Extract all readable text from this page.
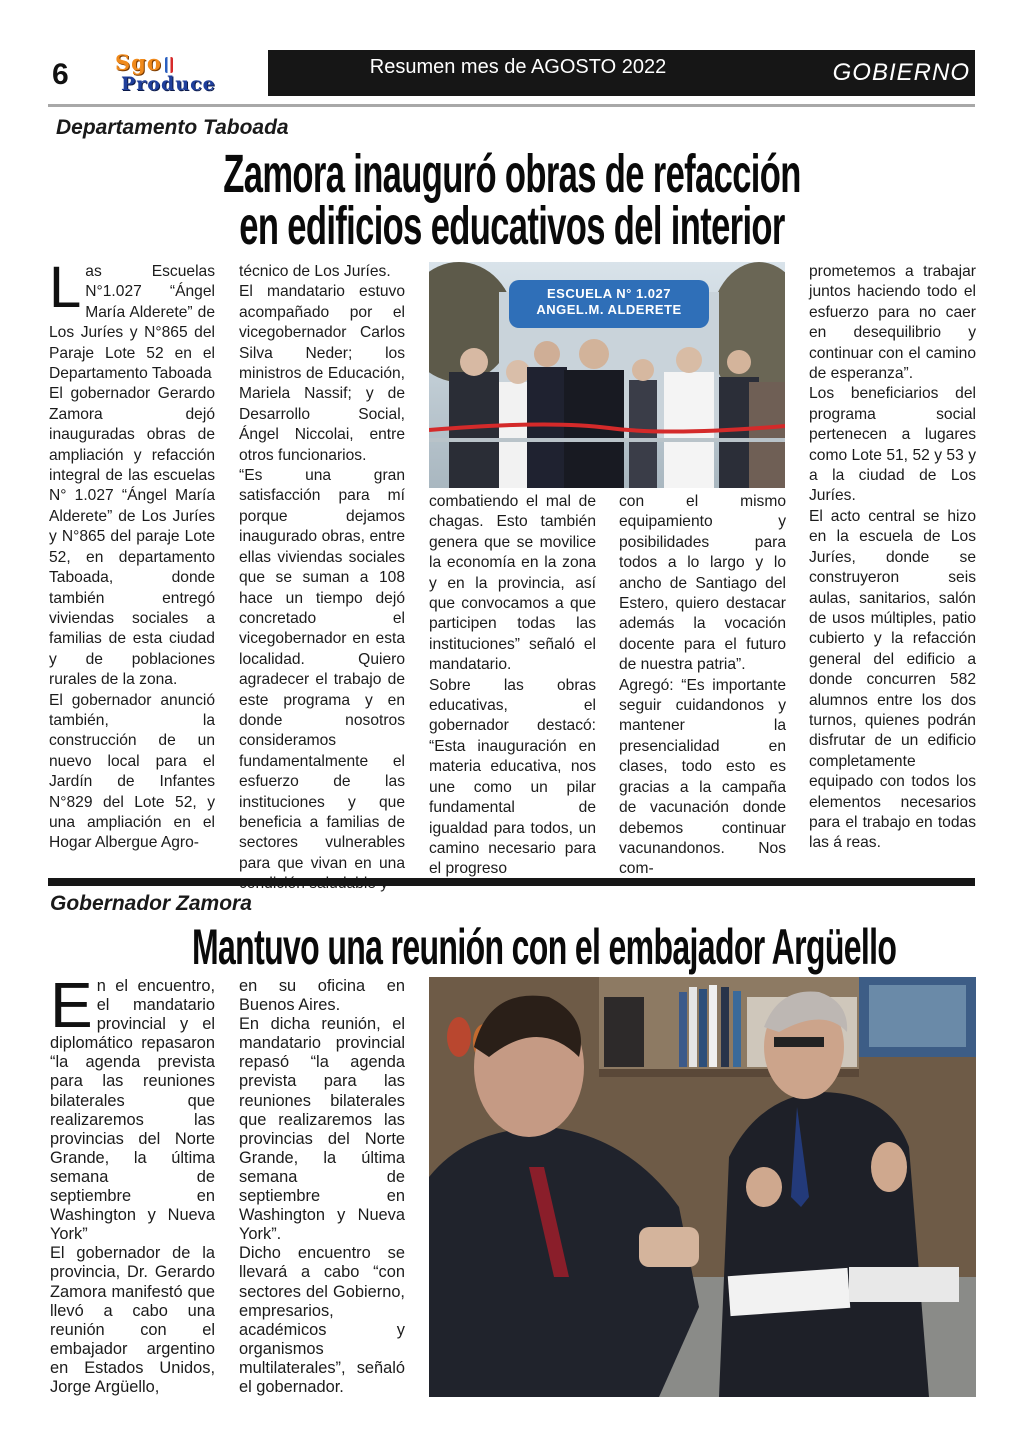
6	Sgo
Produce
Resumen mes de AGOSTO 2022	GOBIERNO
Departamento Taboada
Zamora inauguró obras de refacción
en edificios educativos del interior

Las Escuelas N°1.027 “Ángel María Alderete” de Los Juríes y N°865 del Paraje Lote 52 en el Departamento Taboada

El gobernador Gerardo Zamora dejó inauguradas obras de ampliación y refacción integral de las escuelas N° 1.027 “Ángel María Alderete” de Los Juríes y N°865 del paraje Lote 52, en departamento Taboada, donde también entregó viviendas sociales a familias de esta ciudad y de poblaciones rurales de la zona.

El gobernador anunció también, la construcción de un nuevo local para el Jardín de Infantes N°829 del Lote 52, y una ampliación en el Hogar Albergue Agro-

técnico de Los Juríes.

El mandatario estuvo acompañado por el vicegobernador Carlos Silva Neder; los ministros de Educación, Mariela Nassif; y de Desarrollo Social, Ángel Niccolai, entre otros funcionarios.

“Es una gran satisfacción para mí porque dejamos inaugurado obras, entre ellas viviendas sociales que se suman a 108 hace un tiempo dejó concretado el vicegobernador en esta localidad. Quiero agradecer el trabajo de este programa y en donde nosotros consideramos fundamentalmente el esfuerzo de las instituciones y que beneficia a familias de sectores vulnerables para que vivan en una

ESCUELA N° 1.027
ANGEL.M. ALDERETE

combatiendo el mal de chagas. Esto también genera que se movilice la economía en la zona y en la provincia, así que convocamos a que participen todas las instituciones” señaló el mandatario.

Sobre las obras educativas, el gobernador destacó: “Esta inauguración en materia educativa, nos une como un pilar fundamental de igualdad para todos, un camino necesario para el progreso

con el mismo equipamiento y posibilidades para todos a lo largo y lo ancho de Santiago del Estero, quiero destacar además la vocación docente para el futuro de nuestra patria”.

Agregó: “Es importante seguir cuidandonos y mantener la presencialidad en clases, todo esto es gracias a la campaña de vacunación donde debemos continuar vacunandonos. Nos com-

prometemos a trabajar juntos haciendo todo el esfuerzo para no caer en desequilibrio y continuar con el camino de esperanza”.

Los beneficiarios del programa social pertenecen a lugares como Lote 51, 52 y 53 y a la ciudad de Los Juríes.

El acto central se hizo en la escuela de Los Juríes, donde se construyeron seis aulas, sanitarios, salón de usos múltiples, patio cubierto y la refacción general del edificio a donde concurren 582 alumnos entre los dos turnos, quienes podrán disfrutar de un edificio completamente equipado con todos los elementos necesarios para el trabajo en todas las á reas.

Gobernador Zamora
Mantuvo una reunión con el embajador Argüello

En el encuentro, el mandatario provincial y el diplomático repasaron “la agenda prevista para las reuniones bilaterales que realizaremos las provincias del Norte Grande, la última semana de septiembre en Washington y Nueva York”

El gobernador de la provincia, Dr. Gerardo Zamora manifestó que llevó a cabo una reunión con el embajador argentino en Estados Unidos, Jorge Argüello,

en su oficina en Buenos Aires.

En dicha reunión, el mandatario provincial repasó “la agenda prevista para las reuniones bilaterales que realizaremos las provincias del Norte Grande, la última semana de septiembre en Washington y Nueva York”.

Dicho encuentro se llevará a cabo “con sectores del Gobierno, empresarios, académicos y organismos multilaterales”, señaló el gobernador.
